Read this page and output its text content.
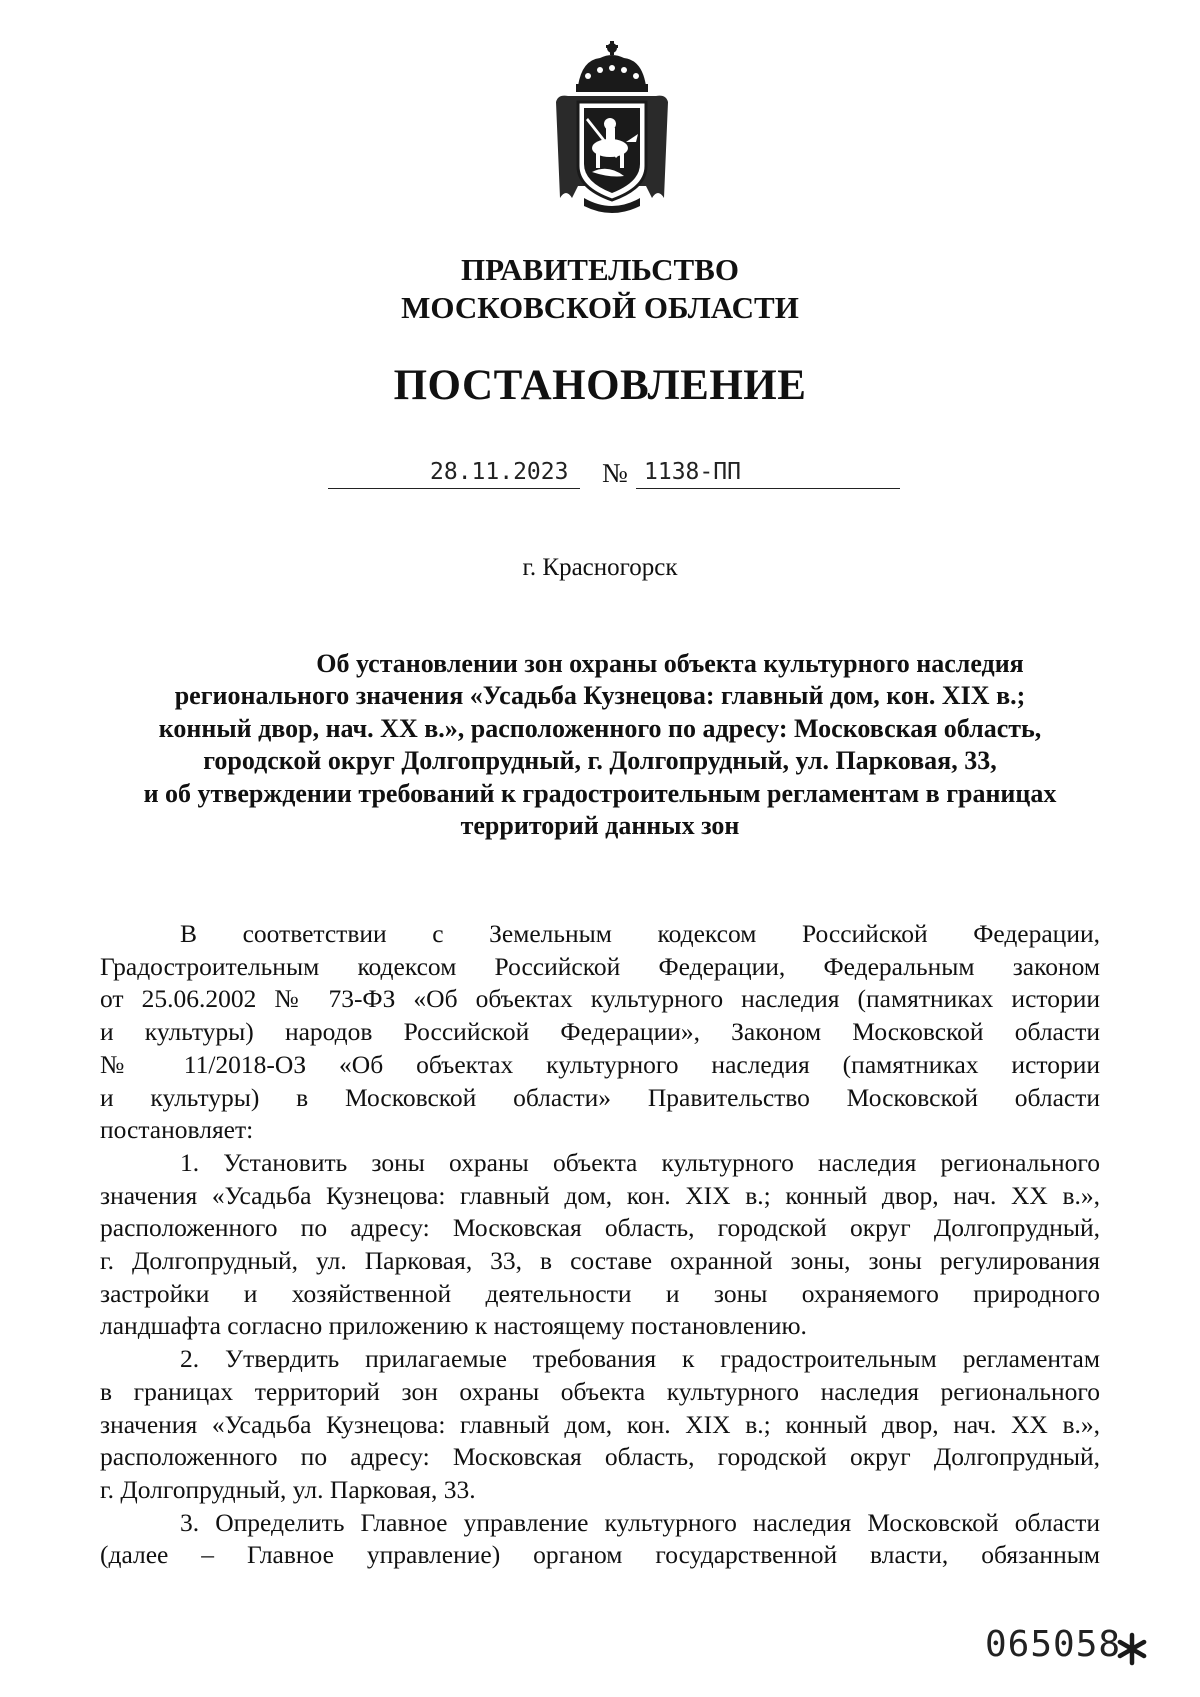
ПРАВИТЕЛЬСТВО
МОСКОВСКОЙ ОБЛАСТИ
ПОСТАНОВЛЕНИЕ
28.11.2023 № 1138-ПП
г. Красногорск
Об установлении зон охраны объекта культурного наследия
регионального значения «Усадьба Кузнецова: главный дом, кон. XIX в.;
конный двор, нач. XX в.», расположенного по адресу: Московская область,
городской округ Долгопрудный, г. Долгопрудный, ул. Парковая, 33,
и об утверждении требований к градостроительным регламентам в границах
территорий данных зон
В соответствии с Земельным кодексом Российской Федерации,
Градостроительным кодексом Российской Федерации, Федеральным законом
от 25.06.2002 № 73-ФЗ «Об объектах культурного наследия (памятниках истории
и культуры) народов Российской Федерации», Законом Московской области
№ 11/2018-ОЗ «Об объектах культурного наследия (памятниках истории
и культуры) в Московской области» Правительство Московской области
постановляет:
1. Установить зоны охраны объекта культурного наследия регионального
значения «Усадьба Кузнецова: главный дом, кон. XIX в.; конный двор, нач. XX в.»,
расположенного по адресу: Московская область, городской округ Долгопрудный,
г. Долгопрудный, ул. Парковая, 33, в составе охранной зоны, зоны регулирования
застройки и хозяйственной деятельности и зоны охраняемого природного
ландшафта согласно приложению к настоящему постановлению.
2. Утвердить прилагаемые требования к градостроительным регламентам
в границах территорий зон охраны объекта культурного наследия регионального
значения «Усадьба Кузнецова: главный дом, кон. XIX в.; конный двор, нач. XX в.»,
расположенного по адресу: Московская область, городской округ Долгопрудный,
г. Долгопрудный, ул. Парковая, 33.
3. Определить Главное управление культурного наследия Московской области
(далее – Главное управление) органом государственной власти, обязанным
065058
